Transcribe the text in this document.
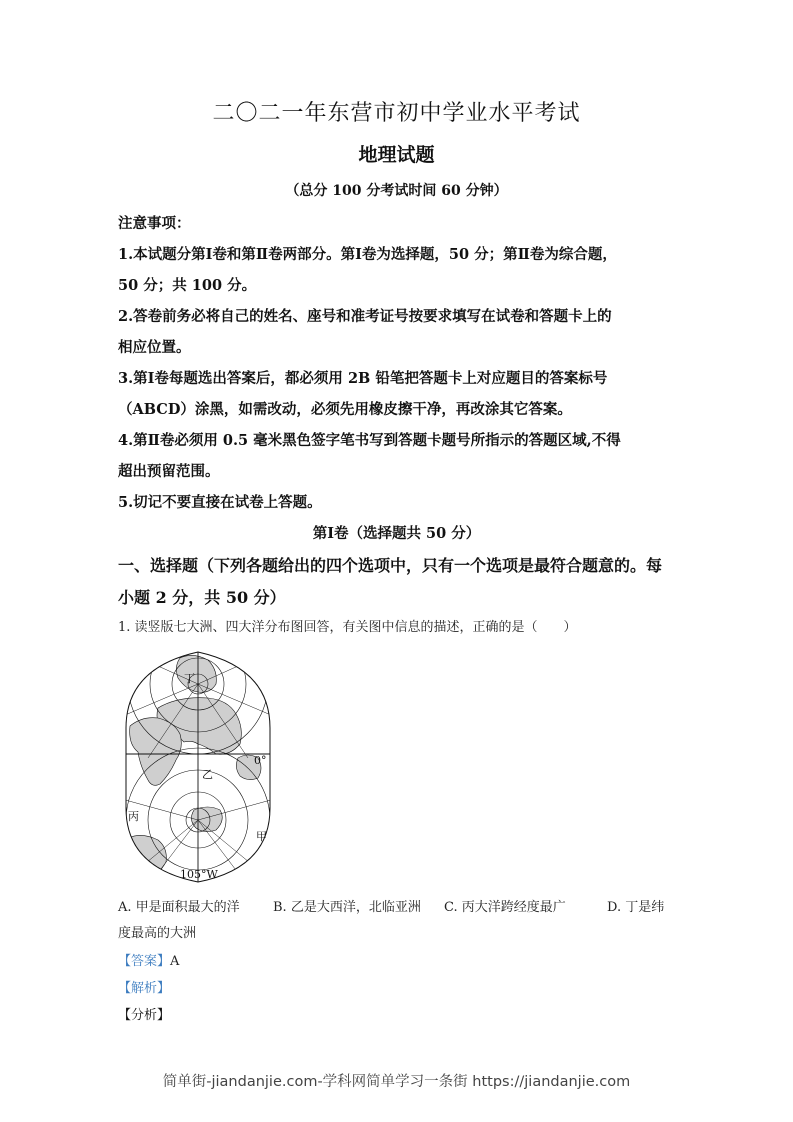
二〇二一年东营市初中学业水平考试
地理试题
（总分 100 分考试时间 60 分钟）
注意事项：
1.本试题分第Ⅰ卷和第Ⅱ卷两部分。第Ⅰ卷为选择题，50 分；第Ⅱ卷为综合题，
50 分；共 100 分。
2.答卷前务必将自己的姓名、座号和准考证号按要求填写在试卷和答题卡上的
相应位置。
3.第Ⅰ卷每题选出答案后，都必须用 2B 铅笔把答题卡上对应题目的答案标号
（ABCD）涂黑，如需改动，必须先用橡皮擦干净，再改涂其它答案。
4.第Ⅱ卷必须用 0.5 毫米黑色签字笔书写到答题卡题号所指示的答题区域,不得
超出预留范围。
5.切记不要直接在试卷上答题。
第Ⅰ卷（选择题共 50 分）
一、选择题（下列各题给出的四个选项中，只有一个选项是最符合题意的。每
小题 2 分，共 50 分）
1. 读竖版七大洲、四大洋分布图回答，有关图中信息的描述，正确的是（　　）
丁
乙
丙
甲
0°
105°W
A. 甲是面积最大的洋	B. 乙是大西洋，北临亚洲 C. 丙大洋跨经度最广	D. 丁是纬
度最高的大洲
【答案】A
【解析】
【分析】
简单街-jiandanjie.com-学科网简单学习一条街 https://jiandanjie.com
